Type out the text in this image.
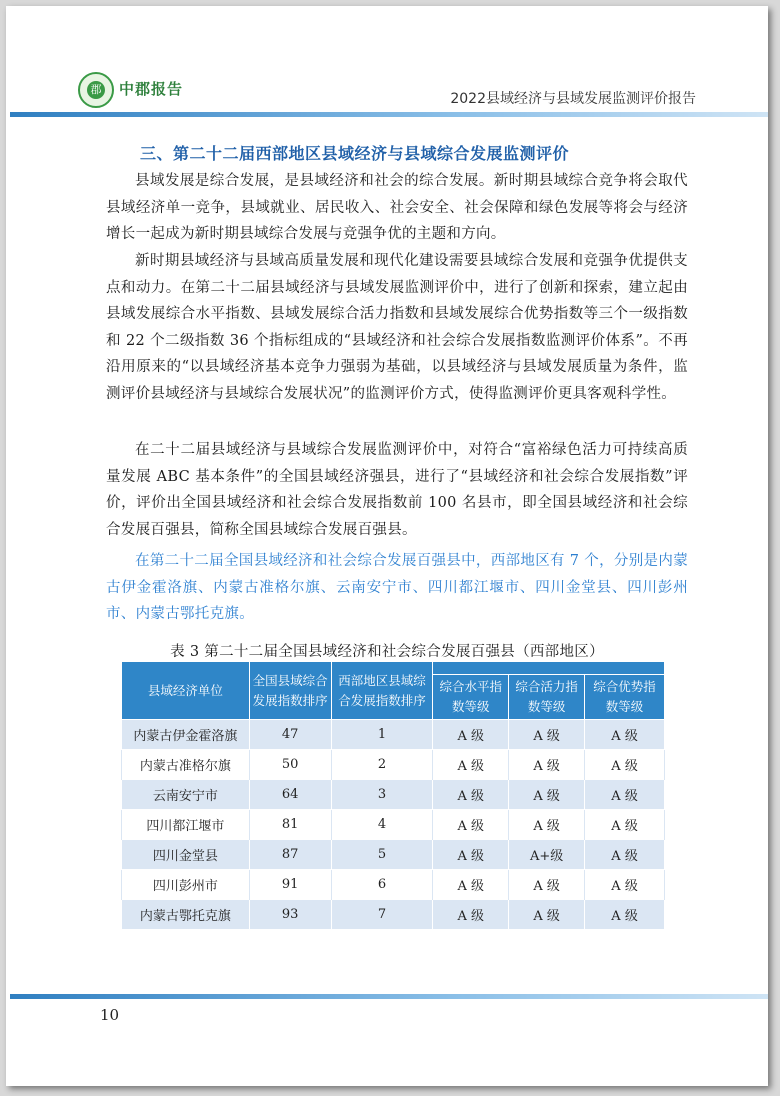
郡 中郡报告
2022县域经济与县域发展监测评价报告
三、第二十二届西部地区县域经济与县域综合发展监测评价

县域发展是综合发展，是县域经济和社会的综合发展。新时期县域综合竞争将会取代县域经济单一竞争，县域就业、居民收入、社会安全、社会保障和绿色发展等将会与经济增长一起成为新时期县域综合发展与竞强争优的主题和方向。

新时期县域经济与县域高质量发展和现代化建设需要县域综合发展和竞强争优提供支点和动力。在第二十二届县域经济与县域发展监测评价中，进行了创新和探索，建立起由县域发展综合水平指数、县域发展综合活力指数和县域发展综合优势指数等三个一级指数和 22 个二级指数 36 个指标组成的“县域经济和社会综合发展指数监测评价体系”。不再沿用原来的“以县域经济基本竞争力强弱为基础，以县域经济与县域发展质量为条件，监测评价县域经济与县域综合发展状况”的监测评价方式，使得监测评价更具客观科学性。

在二十二届县域经济与县域综合发展监测评价中，对符合“富裕绿色活力可持续高质量发展 ABC 基本条件”的全国县域经济强县，进行了“县域经济和社会综合发展指数”评价，评价出全国县域经济和社会综合发展指数前 100 名县市，即全国县域经济和社会综合发展百强县，简称全国县域综合发展百强县。

在第二十二届全国县域经济和社会综合发展百强县中，西部地区有 7 个，分别是内蒙古伊金霍洛旗、内蒙古准格尔旗、云南安宁市、四川都江堰市、四川金堂县、四川彭州市、内蒙古鄂托克旗。

表 3 第二十二届全国县域经济和社会综合发展百强县（西部地区）
县域经济单位	全国县域综合发展指数排序	西部地区县域综合发展指数排序			
			综合水平指数等级	综合活力指数等级	综合优势指数等级
内蒙古伊金霍洛旗	47	1	A 级	A 级	A 级
内蒙古准格尔旗	50	2	A 级	A 级	A 级
云南安宁市	64	3	A 级	A 级	A 级
四川都江堰市	81	4	A 级	A 级	A 级
四川金堂县	87	5	A 级	A+级	A 级
四川彭州市	91	6	A 级	A 级	A 级
内蒙古鄂托克旗	93	7	A 级	A 级	A 级
10
